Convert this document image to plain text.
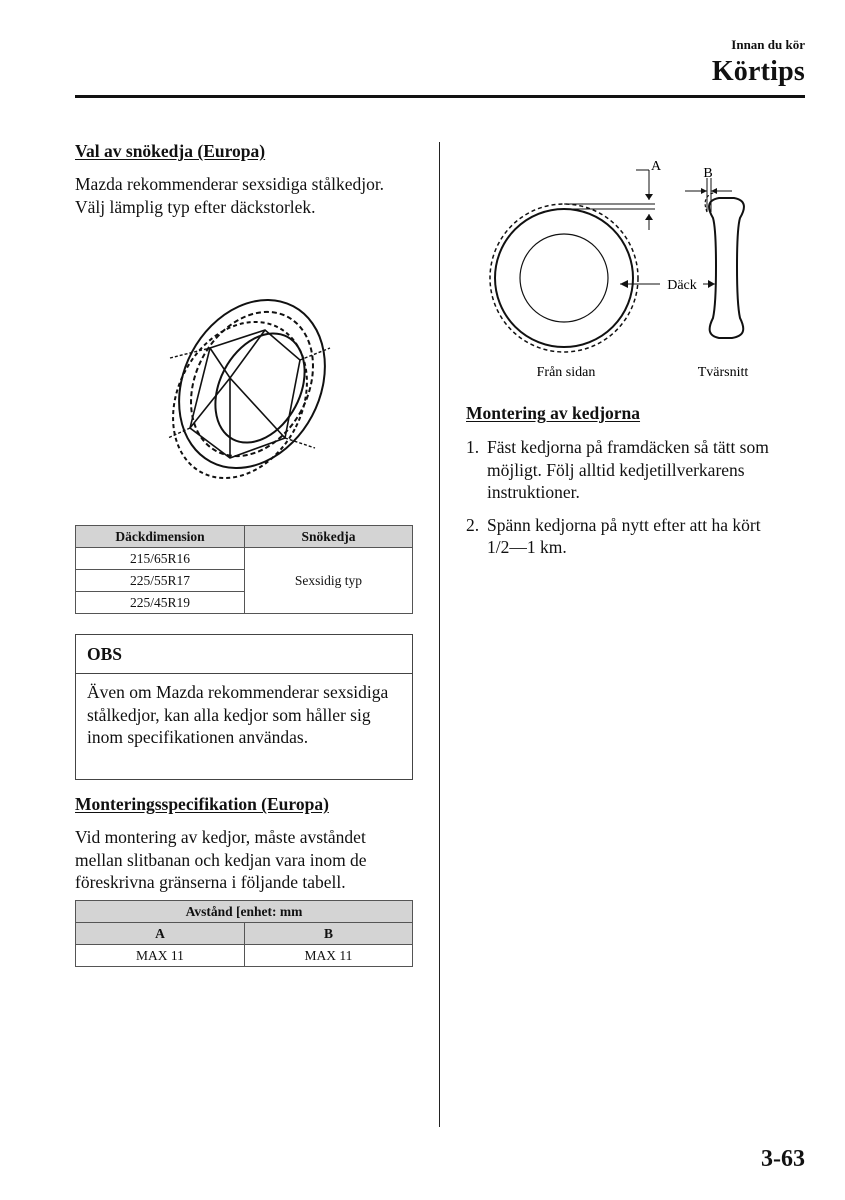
Innan du kör
Körtips
Val av snökedja (Europa)
Mazda rekommenderar sexsidiga stålkedjor. Välj lämplig typ efter däckstorlek.
Däckdimension	Snökedja
215/65R16	Sexsidig typ
225/55R17	
225/45R19	
OBS
Även om Mazda rekommenderar sexsidiga stålkedjor, kan alla kedjor som håller sig inom specifikationen användas.
Monteringsspecifikation (Europa)
Vid montering av kedjor, måste avståndet mellan slitbanan och kedjan vara inom de föreskrivna gränserna i följande tabell.
Avstånd [enhet: mm	
A	B
MAX 11	MAX 11
A	B
Däck
Från sidan	Tvärsnitt
Montering av kedjorna
1. Fäst kedjorna på framdäcken så tätt som möjligt. Följ alltid kedjetillverkarens instruktioner.
2. Spänn kedjorna på nytt efter att ha kört 1/2—1 km.
3-63
